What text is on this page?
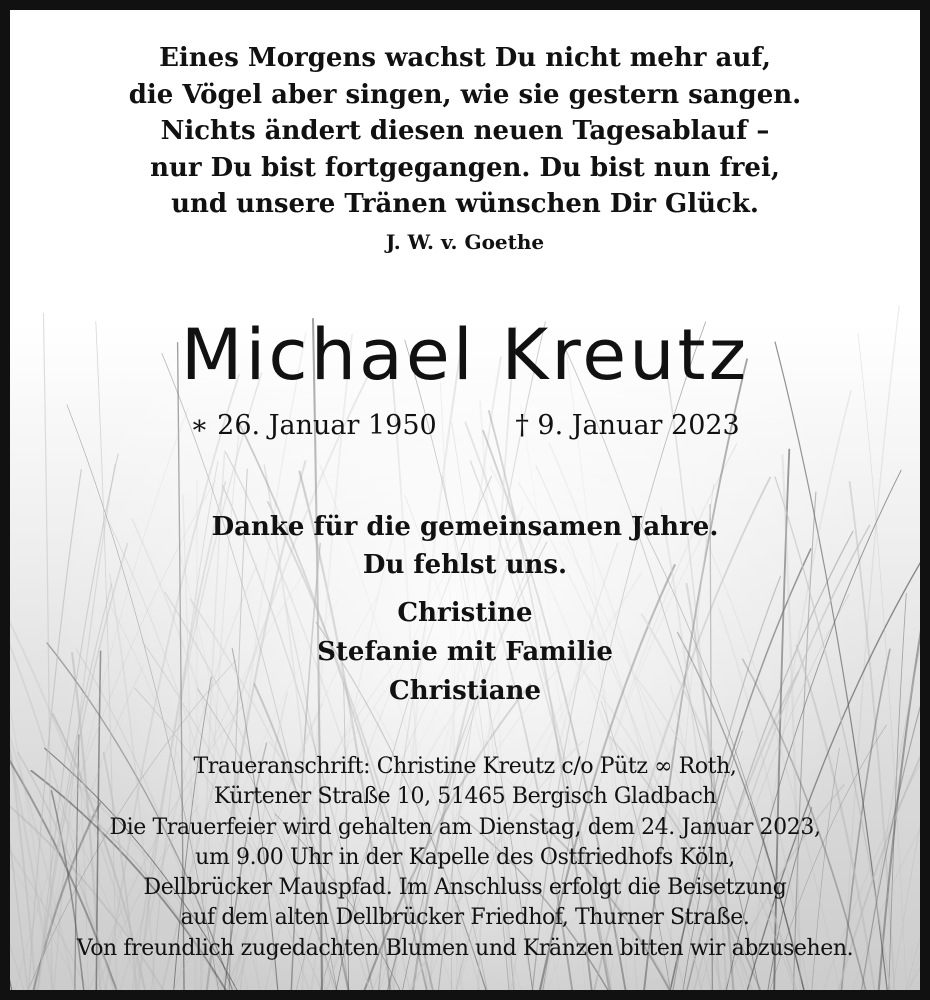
Eines Morgens wachst Du nicht mehr auf,
die Vögel aber singen, wie sie gestern sangen.
Nichts ändert diesen neuen Tagesablauf –
nur Du bist fortgegangen. Du bist nun frei,
und unsere Tränen wünschen Dir Glück.
J. W. v. Goethe
Michael Kreutz
∗ 26. Januar 1950	† 9. Januar 2023
Danke für die gemeinsamen Jahre.
Du fehlst uns.
Christine
Stefanie mit Familie
Christiane
Traueranschrift: Christine Kreutz c/o Pütz ∞ Roth,
Kürtener Straße 10, 51465 Bergisch Gladbach
Die Trauerfeier wird gehalten am Dienstag, dem 24. Januar 2023,
um 9.00 Uhr in der Kapelle des Ostfriedhofs Köln,
Dellbrücker Mauspfad. Im Anschluss erfolgt die Beisetzung
auf dem alten Dellbrücker Friedhof, Thurner Straße.
Von freundlich zugedachten Blumen und Kränzen bitten wir abzusehen.
